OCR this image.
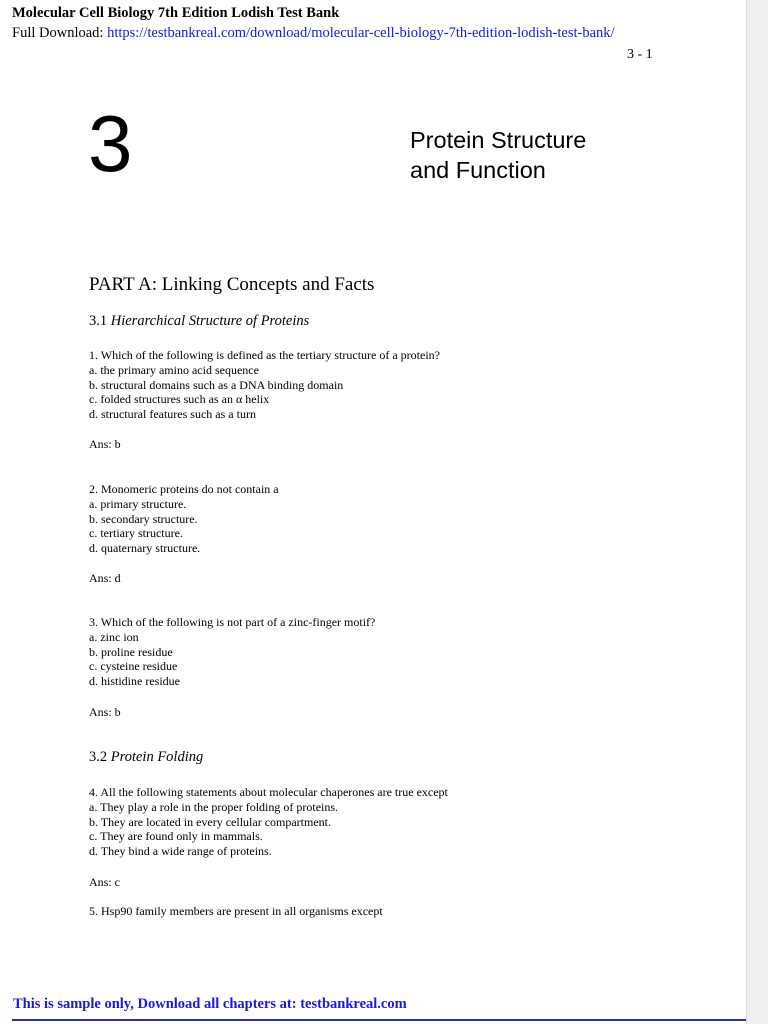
Molecular Cell Biology 7th Edition Lodish Test Bank
Full Download: https://testbankreal.com/download/molecular-cell-biology-7th-edition-lodish-test-bank/
3 - 1
3	Protein Structure
and Function
PART A: Linking Concepts and Facts
3.1 Hierarchical Structure of Proteins
1. Which of the following is defined as the tertiary structure of a protein?
a. the primary amino acid sequence
b. structural domains such as a DNA binding domain
c. folded structures such as an α helix
d. structural features such as a turn
Ans: b
2. Monomeric proteins do not contain a
a. primary structure.
b. secondary structure.
c. tertiary structure.
d. quaternary structure.
Ans: d
3. Which of the following is not part of a zinc-finger motif?
a. zinc ion
b. proline residue
c. cysteine residue
d. histidine residue
Ans: b
3.2 Protein Folding
4. All the following statements about molecular chaperones are true except
a. They play a role in the proper folding of proteins.
b. They are located in every cellular compartment.
c. They are found only in mammals.
d. They bind a wide range of proteins.
Ans: c
5. Hsp90 family members are present in all organisms except
This is sample only, Download all chapters at: testbankreal.com
